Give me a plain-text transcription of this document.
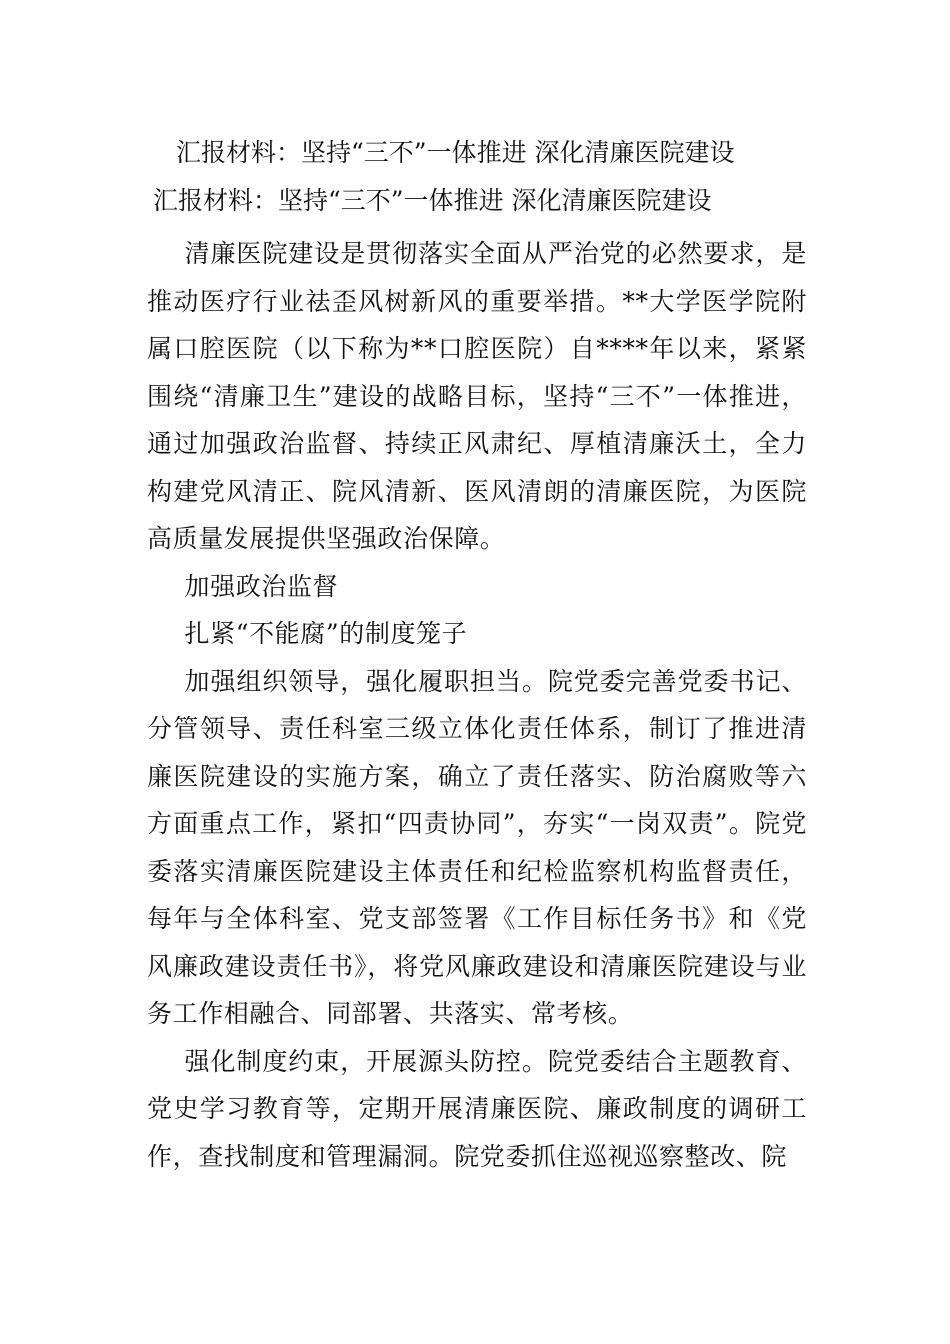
汇报材料：坚持“三不”一体推进 深化清廉医院建设
汇报材料：坚持“三不”一体推进 深化清廉医院建设

清廉医院建设是贯彻落实全面从严治党的必然要求，是推动医疗行业祛歪风树新风的重要举措。**大学医学院附属口腔医院（以下称为**口腔医院）自****年以来，紧紧围绕“清廉卫生”建设的战略目标，坚持“三不”一体推进，通过加强政治监督、持续正风肃纪、厚植清廉沃土，全力构建党风清正、院风清新、医风清朗的清廉医院，为医院高质量发展提供坚强政治保障。

加强政治监督

扎紧“不能腐”的制度笼子

加强组织领导，强化履职担当。院党委完善党委书记、分管领导、责任科室三级立体化责任体系，制订了推进清廉医院建设的实施方案，确立了责任落实、防治腐败等六方面重点工作，紧扣“四责协同”，夯实“一岗双责”。院党委落实清廉医院建设主体责任和纪检监察机构监督责任，每年与全体科室、党支部签署《工作目标任务书》和《党风廉政建设责任书》，将党风廉政建设和清廉医院建设与业务工作相融合、同部署、共落实、常考核。

强化制度约束，开展源头防控。院党委结合主题教育、党史学习教育等，定期开展清廉医院、廉政制度的调研工作，查找制度和管理漏洞。院党委抓住巡视巡察整改、院
